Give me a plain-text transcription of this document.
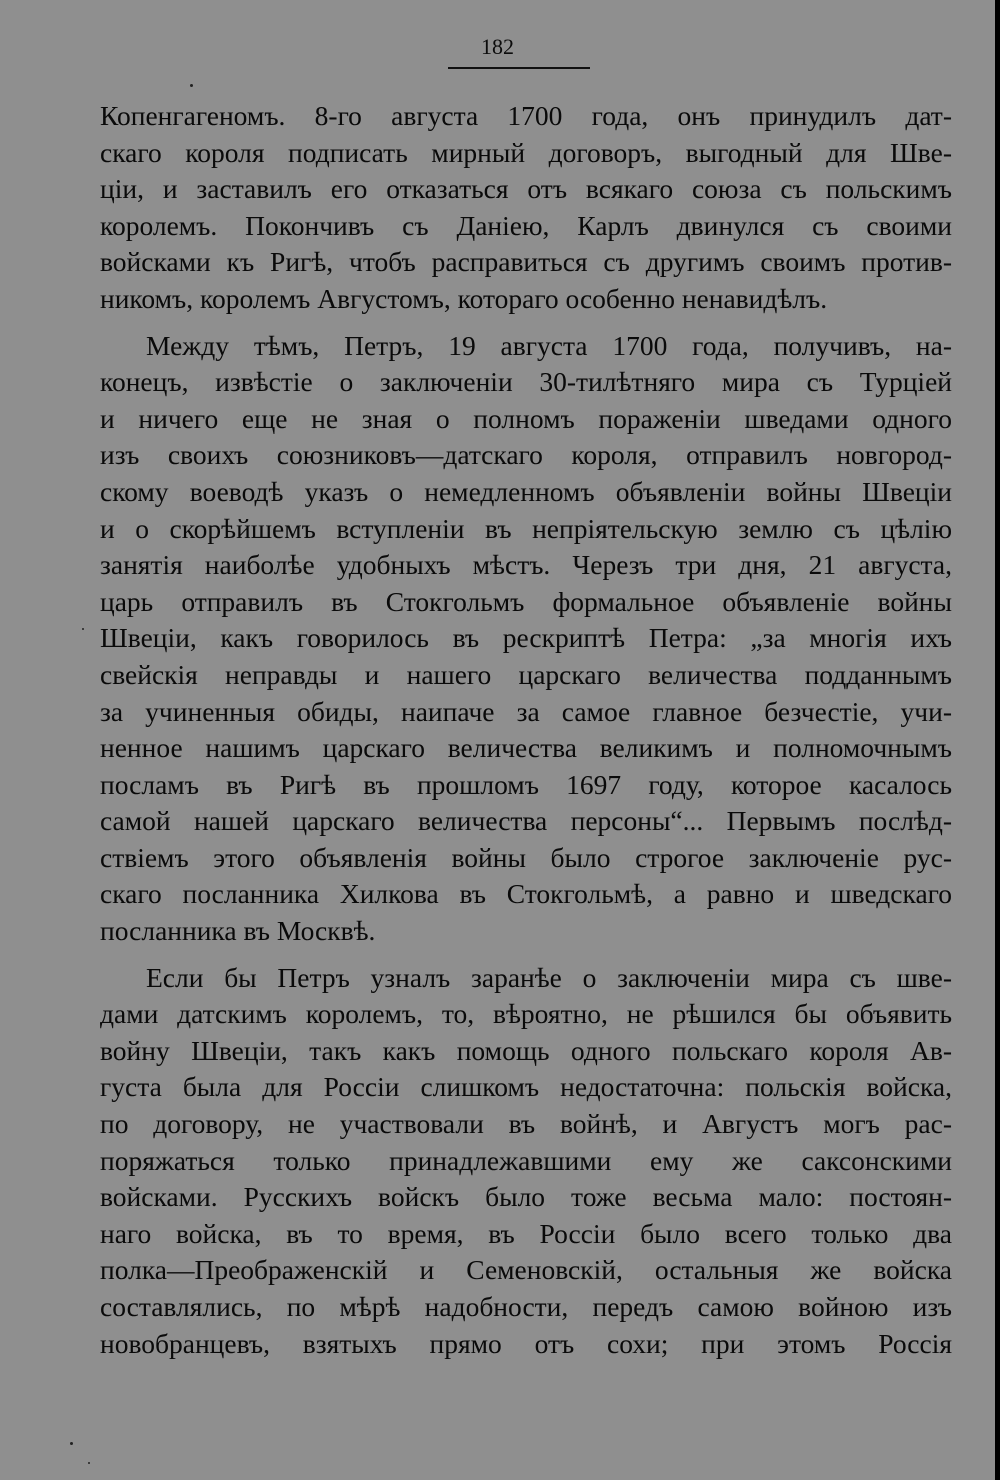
182
Копенгагеномъ. 8-го августа 1700 года, онъ принудилъ дат-
скаго короля подписать мирный договоръ, выгодный для Шве-
ціи, и заставилъ его отказаться отъ всякаго союза съ польскимъ
королемъ. Покончивъ съ Даніею, Карлъ двинулся съ своими
войсками къ Ригѣ, чтобъ расправиться съ другимъ своимъ против-
никомъ, королемъ Августомъ, котораго особенно ненавидѣлъ.
Между тѣмъ, Петръ, 19 августа 1700 года, получивъ, на-
конецъ, извѣстіе о заключеніи 30-тилѣтняго мира съ Турціей
и ничего еще не зная о полномъ пораженіи шведами одного
изъ своихъ союзниковъ—датскаго короля, отправилъ новгород-
скому воеводѣ указъ о немедленномъ объявленіи войны Швеціи
и о скорѣйшемъ вступленіи въ непріятельскую землю съ цѣлію
занятія наиболѣе удобныхъ мѣстъ. Черезъ три дня, 21 августа,
царь отправилъ въ Стокгольмъ формальное объявленіе войны
Швеціи, какъ говорилось въ рескриптѣ Петра: „за многія ихъ
свейскія неправды и нашего царскаго величества подданнымъ
за учиненныя обиды, наипаче за самое главное безчестіе, учи-
ненное нашимъ царскаго величества великимъ и полномочнымъ
посламъ въ Ригѣ въ прошломъ 1697 году, которое касалось
самой нашей царскаго величества персоны“... Первымъ послѣд-
ствіемъ этого объявленія войны было строгое заключеніе рус-
скаго посланника Хилкова въ Стокгольмѣ, а равно и шведскаго
посланника въ Москвѣ.
Если бы Петръ узналъ заранѣе о заключеніи мира съ шве-
дами датскимъ королемъ, то, вѣроятно, не рѣшился бы объявить
войну Швеціи, такъ какъ помощь одного польскаго короля Ав-
густа была для Россіи слишкомъ недостаточна: польскія войска,
по договору, не участвовали въ войнѣ, и Августъ могъ рас-
поряжаться только принадлежавшими ему же саксонскими
войсками. Русскихъ войскъ было тоже весьма мало: постоян-
наго войска, въ то время, въ Россіи было всего только два
полка—Преображенскій и Семеновскій, остальныя же войска
составлялись, по мѣрѣ надобности, передъ самою войною изъ
новобранцевъ, взятыхъ прямо отъ сохи; при этомъ Россія
